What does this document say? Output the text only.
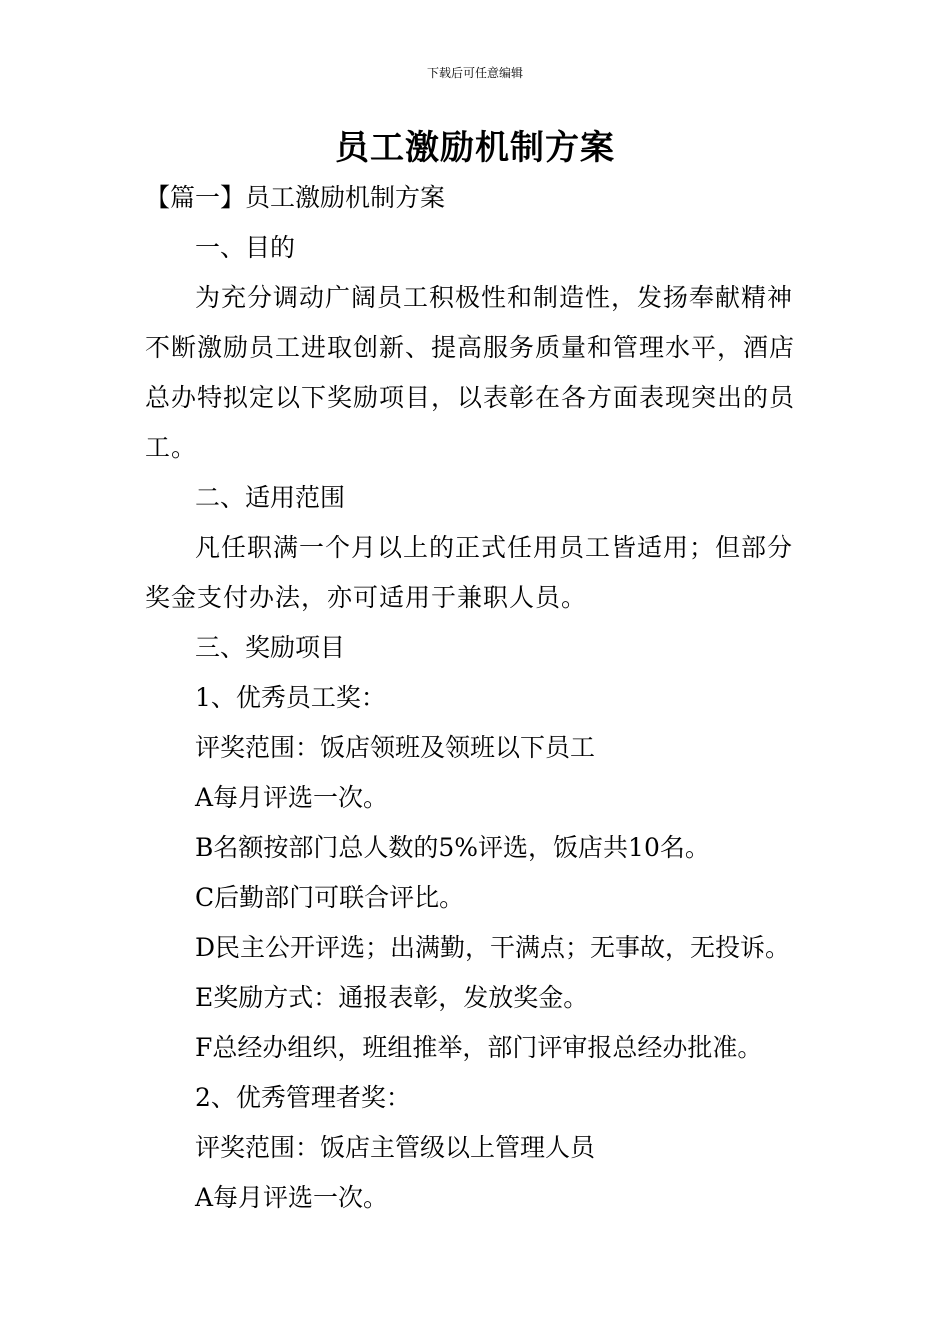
下载后可任意编辑
员工激励机制方案

【篇一】员工激励机制方案

一、目的

为充分调动广阔员工积极性和制造性，发扬奉献精神不断激励员工进取创新、提高服务质量和管理水平，酒店总办特拟定以下奖励项目，以表彰在各方面表现突出的员工。

二、适用范围

凡任职满一个月以上的正式任用员工皆适用；但部分奖金支付办法，亦可适用于兼职人员。

三、奖励项目

1、优秀员工奖：

评奖范围：饭店领班及领班以下员工

A每月评选一次。

B名额按部门总人数的5%评选，饭店共10名。

C后勤部门可联合评比。

D民主公开评选；出满勤，干满点；无事故，无投诉。

E奖励方式：通报表彰，发放奖金。

F总经办组织，班组推举，部门评审报总经办批准。

2、优秀管理者奖：

评奖范围：饭店主管级以上管理人员

A每月评选一次。
